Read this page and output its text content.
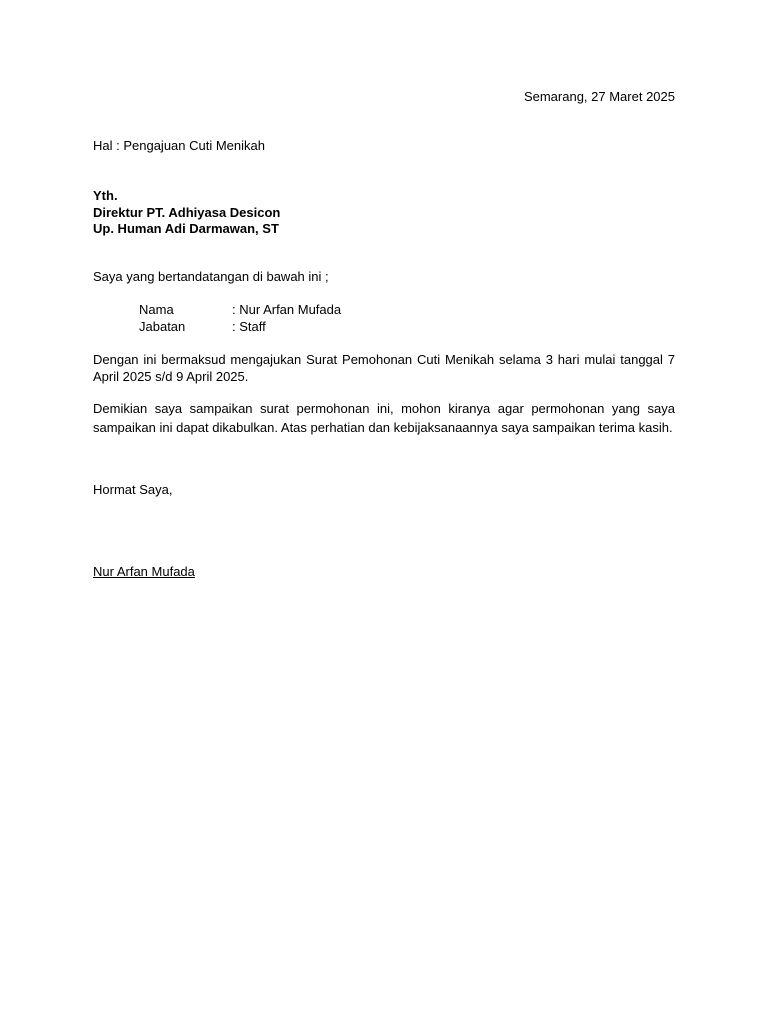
Semarang, 27 Maret 2025
Hal : Pengajuan Cuti Menikah
Yth.
Direktur PT. Adhiyasa Desicon
Up. Human Adi Darmawan, ST
Saya yang bertandatangan di bawah ini ;
Nama	: Nur Arfan Mufada
Jabatan	: Staff
Dengan ini bermaksud mengajukan Surat Pemohonan Cuti Menikah selama 3 hari mulai tanggal 7 April 2025 s/d 9 April 2025.
Demikian saya sampaikan surat permohonan ini, mohon kiranya agar permohonan yang saya sampaikan ini dapat dikabulkan. Atas perhatian dan kebijaksanaannya saya sampaikan terima kasih.
Hormat Saya,
Nur Arfan Mufada
